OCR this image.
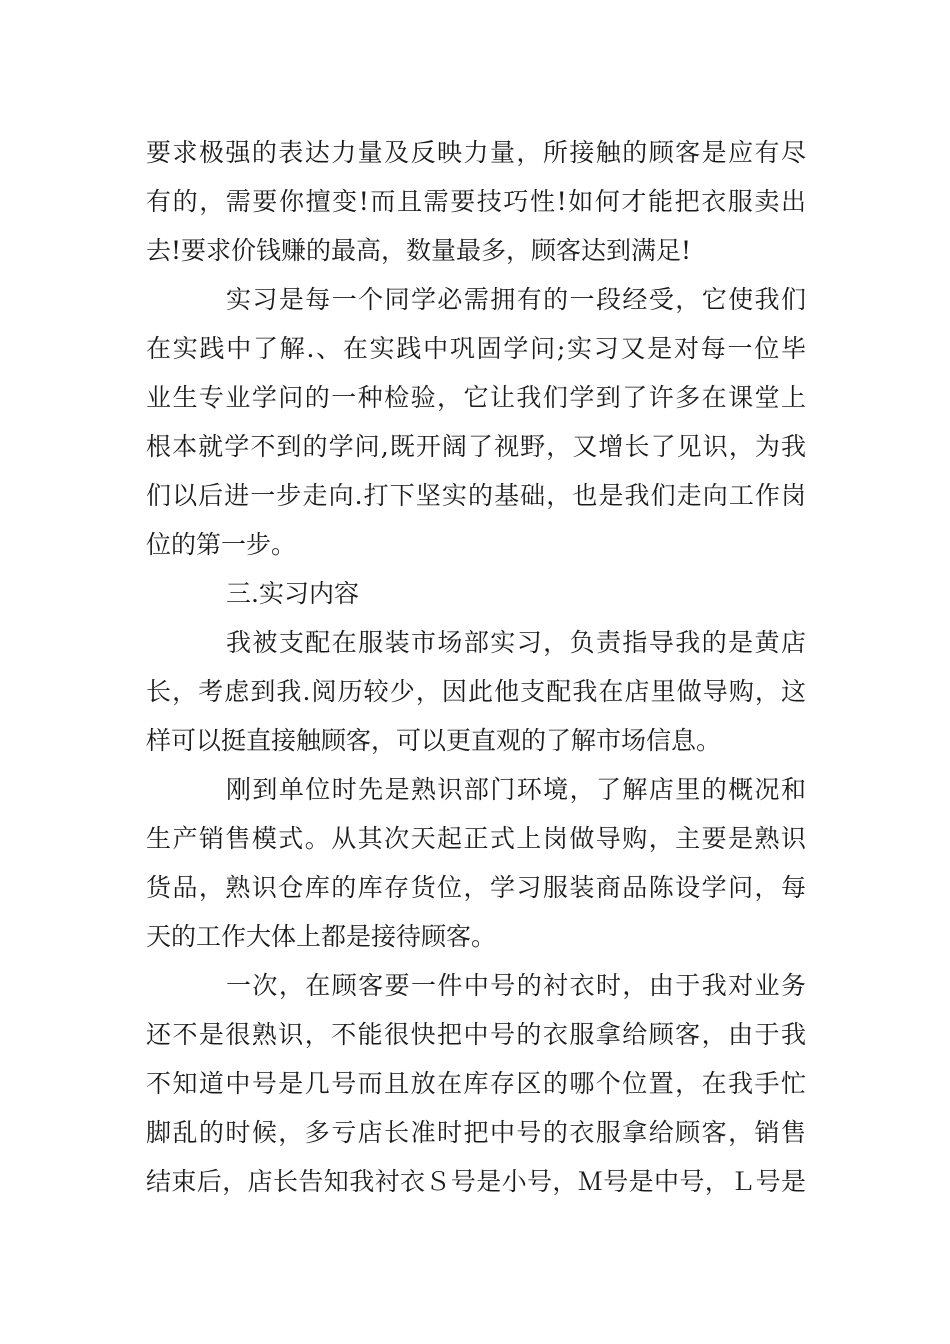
要求极强的表达力量及反映力量，所接触的顾客是应有尽
有的，需要你擅变!而且需要技巧性!如何才能把衣服卖出
去!要求价钱赚的最高，数量最多，顾客达到满足!
实习是每一个同学必需拥有的一段经受，它使我们
在实践中了解.、在实践中巩固学问;实习又是对每一位毕
业生专业学问的一种检验，它让我们学到了许多在课堂上
根本就学不到的学问,既开阔了视野，又增长了见识，为我
们以后进一步走向.打下坚实的基础，也是我们走向工作岗
位的第一步。
三.实习内容
我被支配在服装市场部实习，负责指导我的是黄店
长，考虑到我.阅历较少，因此他支配我在店里做导购，这
样可以挺直接触顾客，可以更直观的了解市场信息。
刚到单位时先是熟识部门环境，了解店里的概况和
生产销售模式。从其次天起正式上岗做导购，主要是熟识
货品，熟识仓库的库存货位，学习服装商品陈设学问，每
天的工作大体上都是接待顾客。
一次，在顾客要一件中号的衬衣时，由于我对业务
还不是很熟识，不能很快把中号的衣服拿给顾客，由于我
不知道中号是几号而且放在库存区的哪个位置，在我手忙
脚乱的时候，多亏店长准时把中号的衣服拿给顾客，销售
结束后，店长告知我衬衣Ｓ号是小号，Ｍ号是中号，Ｌ号是
